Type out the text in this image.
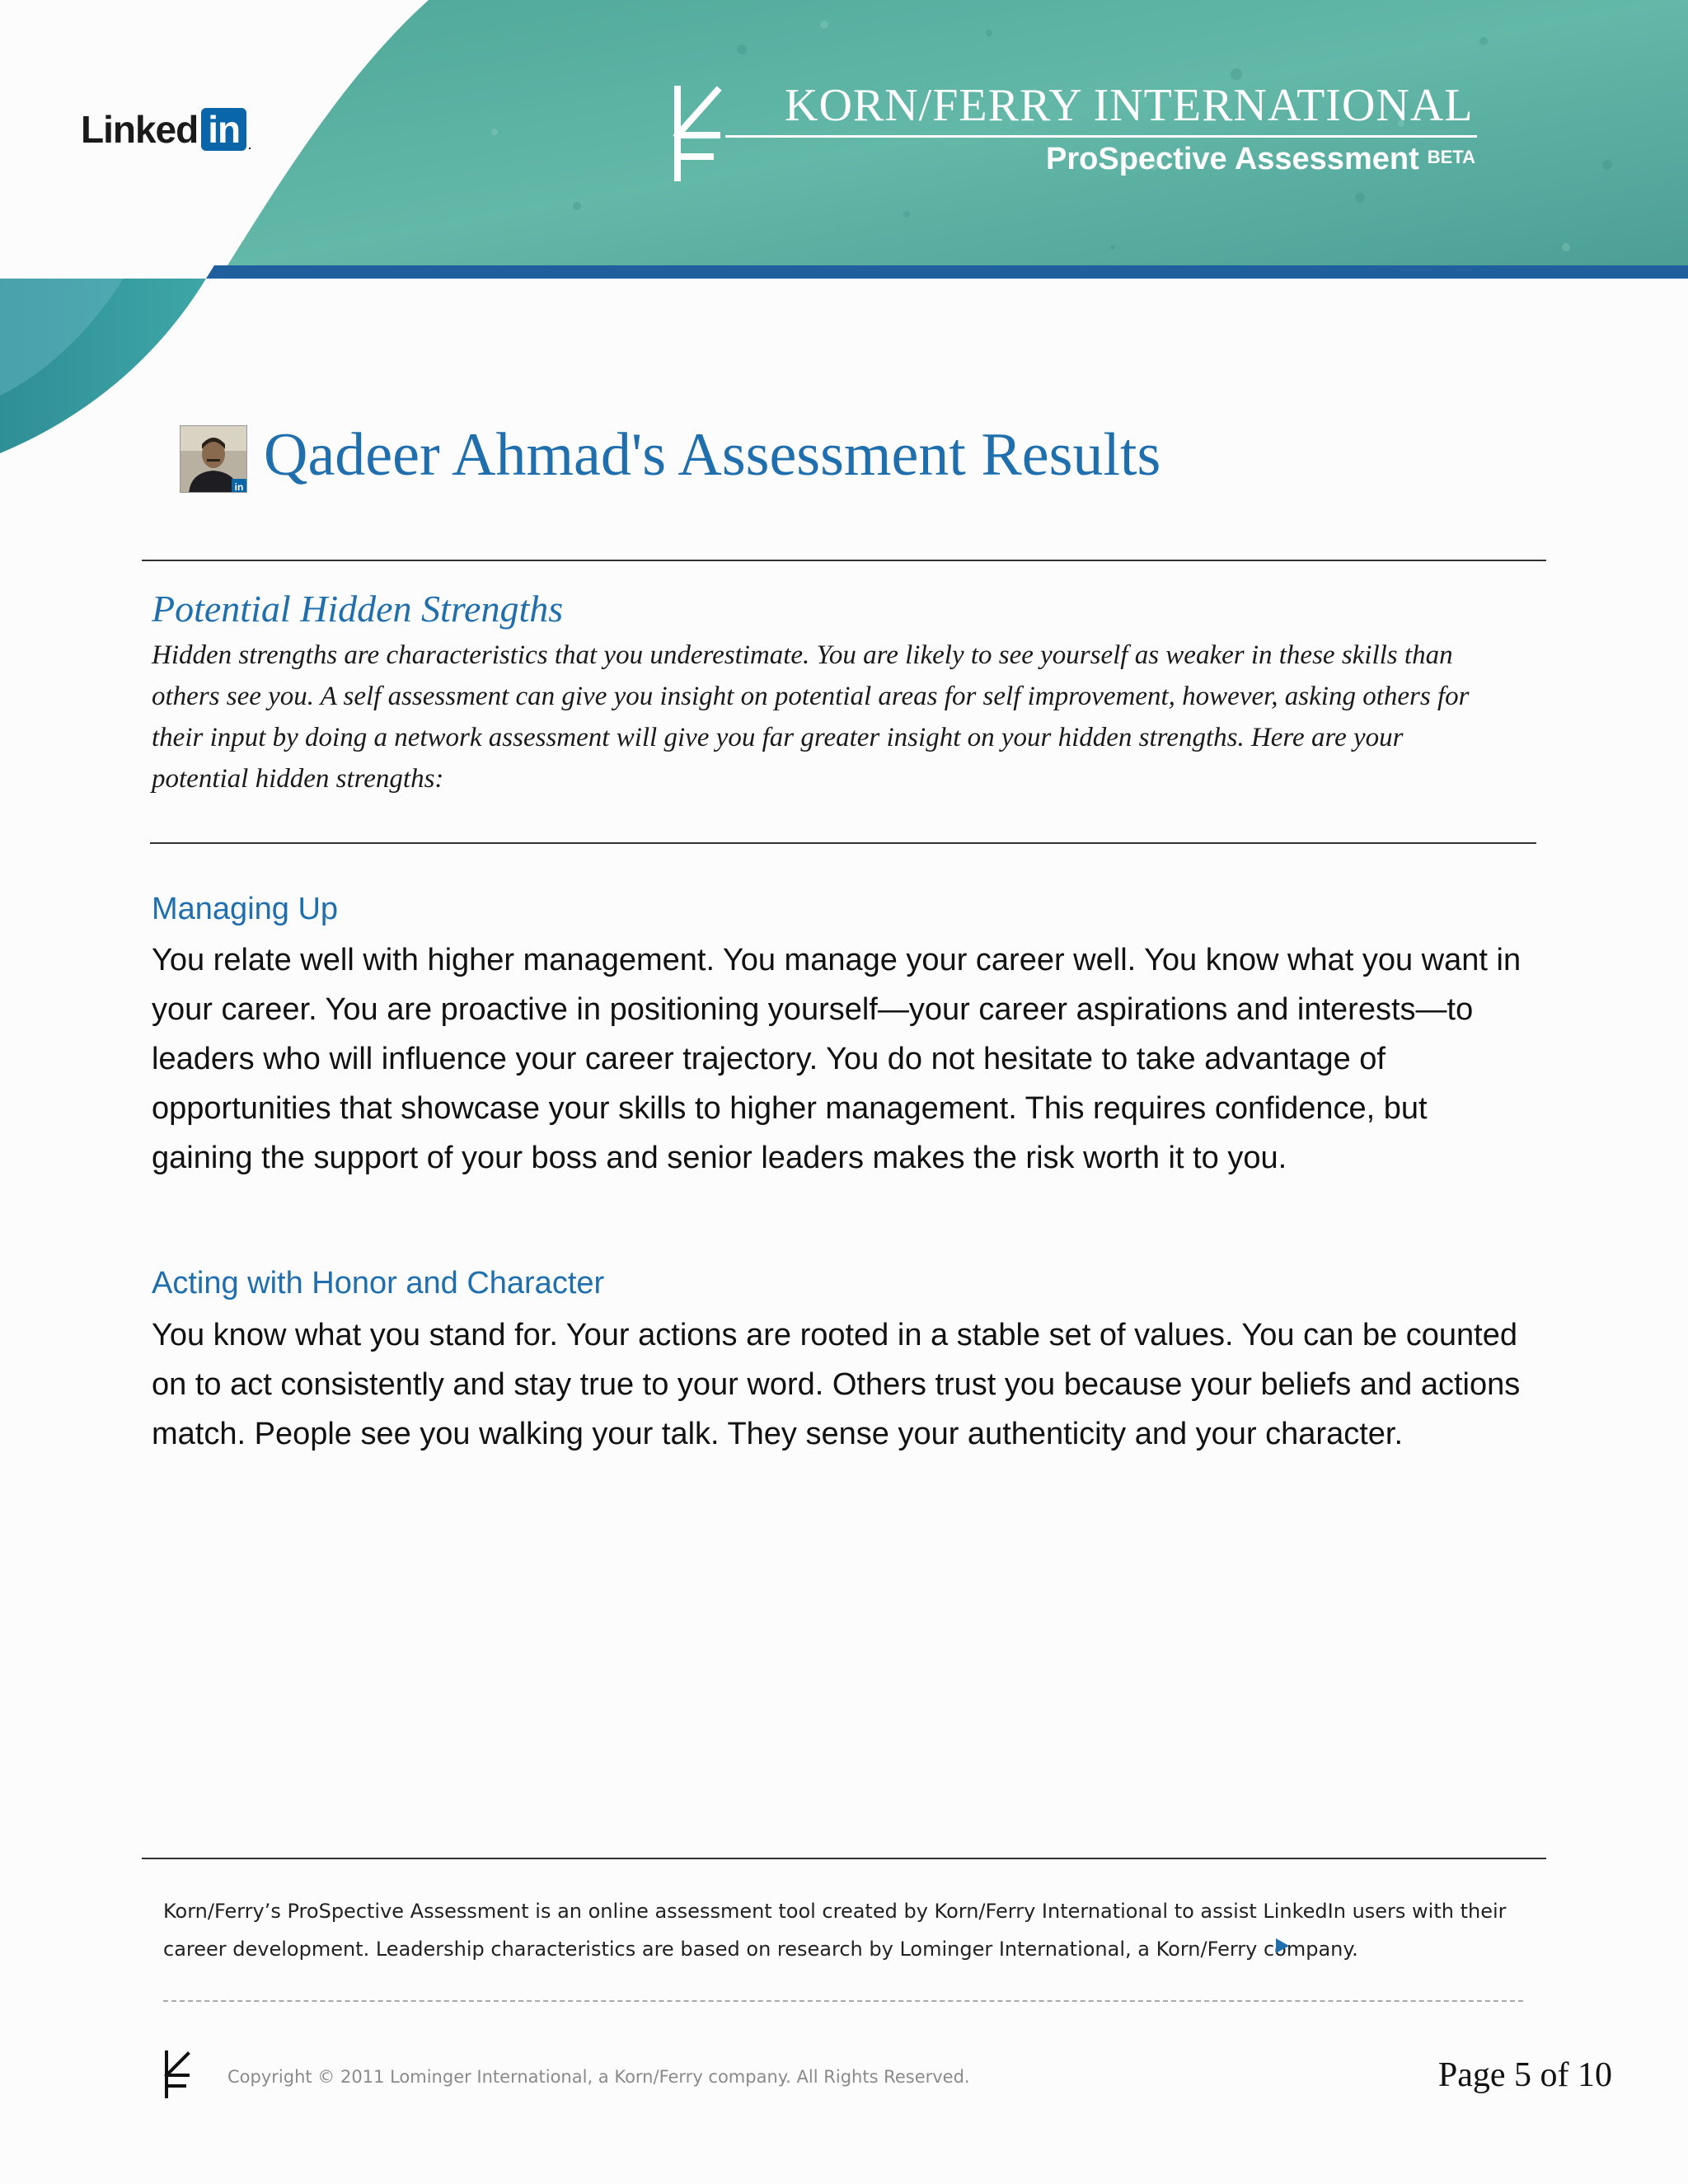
Linked in .
KORN/FERRY INTERNATIONAL
ProSpective Assessment $^{BETA}$
in Qadeer Ahmad's Assessment Results
Potential Hidden Strengths
Hidden strengths are characteristics that you underestimate. You are likely to see yourself as weaker in these skills than others see you. A self assessment can give you insight on potential areas for self improvement, however, asking others for their input by doing a network assessment will give you far greater insight on your hidden strengths. Here are your potential hidden strengths:
Managing Up
You relate well with higher management. You manage your career well. You know what you want in your career. You are proactive in positioning yourself—your career aspirations and interests—to leaders who will influence your career trajectory. You do not hesitate to take advantage of opportunities that showcase your skills to higher management. This requires confidence, but gaining the support of your boss and senior leaders makes the risk worth it to you.
Acting with Honor and Character
You know what you stand for. Your actions are rooted in a stable set of values. You can be counted on to act consistently and stay true to your word. Others trust you because your beliefs and actions match. People see you walking your talk. They sense your authenticity and your character.
Korn/Ferry’s ProSpective Assessment is an online assessment tool created by Korn/Ferry International to assist LinkedIn users with their career development. Leadership characteristics are based on research by Lominger International, a Korn/Ferry company.
Copyright © 2011 Lominger International, a Korn/Ferry company. All Rights Reserved.	Page 5 of 10
